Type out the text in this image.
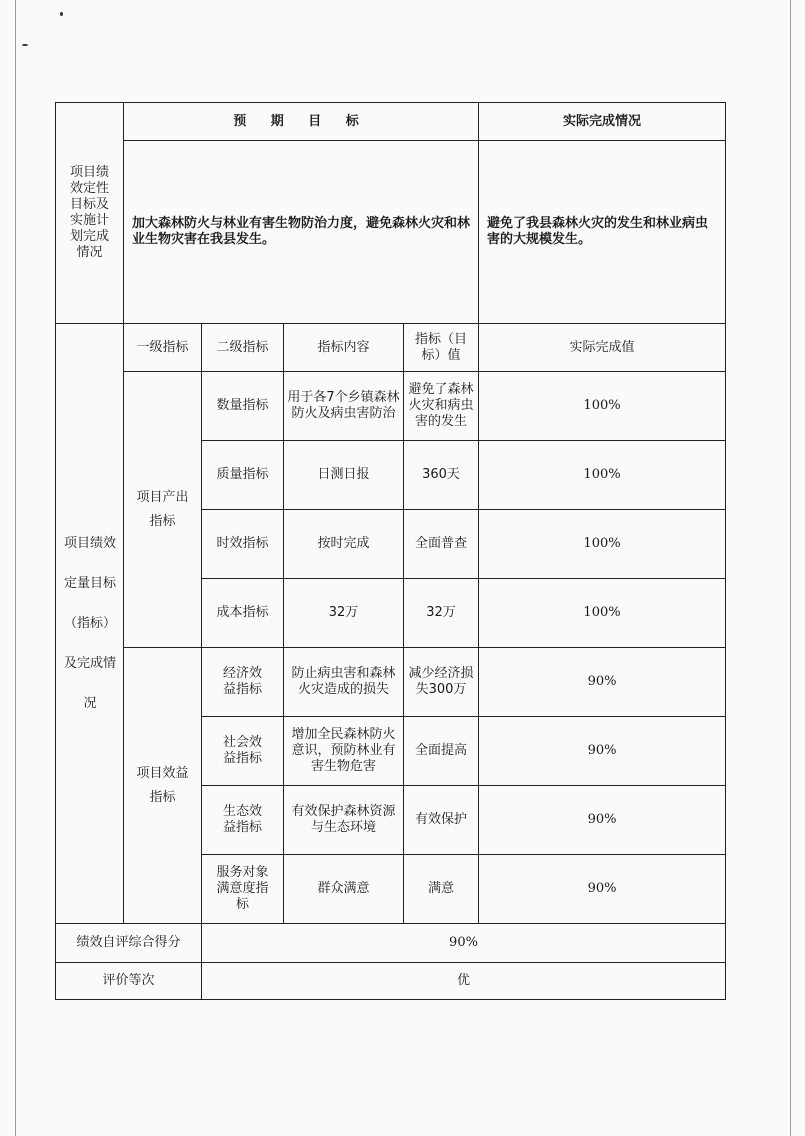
项目绩效定性目标及实施计划完成情况	预 期 目 标				实际完成情况
	加大森林防火与林业有害生物防治力度，避免森林火灾和林业生物灾害在我县发生。				避免了我县森林火灾的发生和林业病虫害的大规模发生。

项目绩效定量目标（指标）及完成情况	一级指标	二级指标	指标内容	指标（目标）值	实际完成值

	项目产出指标	数量指标	用于各7个乡镇森林防火及病虫害防治	避免了森林火灾和病虫害的发生	100%
		质量指标	日测日报	360天	100%
		时效指标	按时完成	全面普查	100%
		成本指标	32万	32万	100%

	项目效益指标	经济效益指标	防止病虫害和森林火灾造成的损失	减少经济损失300万	90%

		社会效益指标	增加全民森林防火意识，预防林业有害生物危害	全面提高	90%

		生态效益指标	有效保护森林资源与生态环境	有效保护	90%

		服务对象满意度指标	群众满意	满意	90%
绩效自评综合得分		90%			
评价等次		优			
